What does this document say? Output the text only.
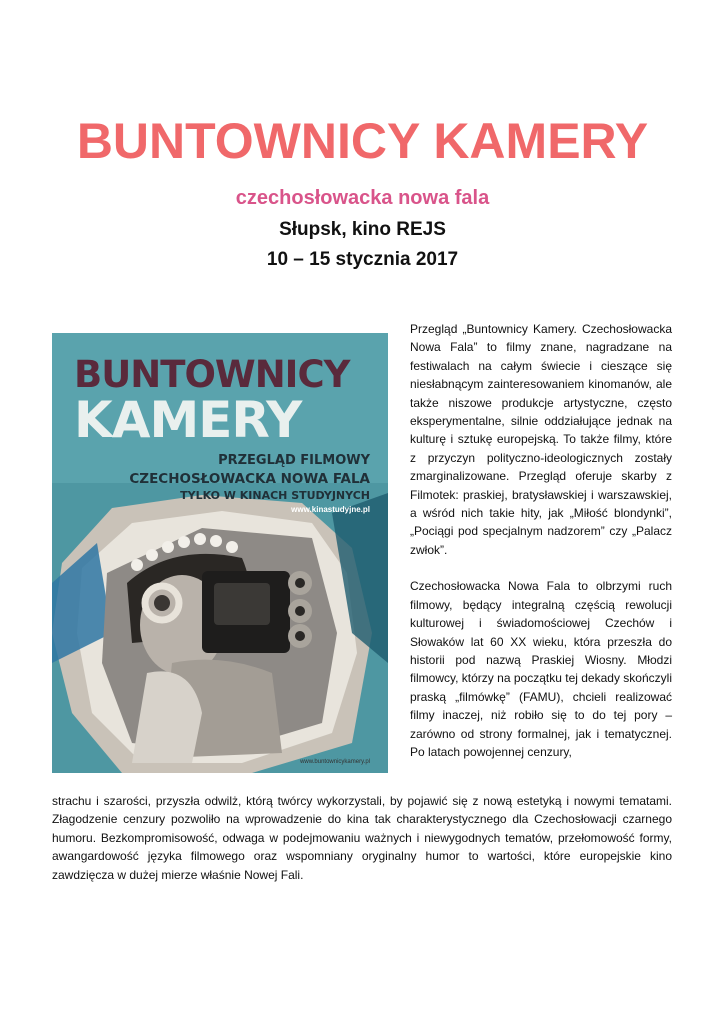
BUNTOWNICY KAMERY
czechosłowacka nowa fala
Słupsk, kino REJS
10 – 15 stycznia 2017
BUNTOWNICY
KAMERY
PRZEGLĄD FILMOWY
CZECHOSŁOWACKA NOWA FALA
TYLKO W KINACH STUDYJNYCH
www.kinastudyjne.pl
www.buntownicykamery.pl

Przegląd „Buntownicy Kamery. Czechosłowacka Nowa Fala” to filmy znane, nagradzane na festiwalach na całym świecie i cieszące się niesłabnącym zainteresowaniem kinomanów, ale także niszowe produkcje artystyczne, często eksperymentalne, silnie oddziałujące jednak na kulturę i sztukę europejską. To także filmy, które z przyczyn polityczno-ideologicznych zostały zmarginalizowane. Przegląd oferuje skarby z Filmotek: praskiej, bratysławskiej i warszawskiej, a wśród nich takie hity, jak „Miłość blondynki”, „Pociągi pod specjalnym nadzorem” czy „Palacz zwłok”.

Czechosłowacka Nowa Fala to olbrzymi ruch filmowy, będący integralną częścią rewolucji kulturowej i świadomościowej Czechów i Słowaków lat 60 XX wieku, która przeszła do historii pod nazwą Praskiej Wiosny. Młodzi filmowcy, którzy na początku tej dekady skończyli praską „filmówkę” (FAMU), chcieli realizować filmy inaczej, niż robiło się to do tej pory – zarówno od strony formalnej, jak i tematycznej. Po latach powojennej cenzury,

strachu i szarości, przyszła odwilż, którą twórcy wykorzystali, by pojawić się z nową estetyką i nowymi tematami. Złagodzenie cenzury pozwoliło na wprowadzenie do kina tak charakterystycznego dla Czechosłowacji czarnego humoru. Bezkompromisowość, odwaga w podejmowaniu ważnych i niewygodnych tematów, przełomowość formy, awangardowość języka filmowego oraz wspomniany oryginalny humor to wartości, które europejskie kino zawdzięcza w dużej mierze właśnie Nowej Fali.
